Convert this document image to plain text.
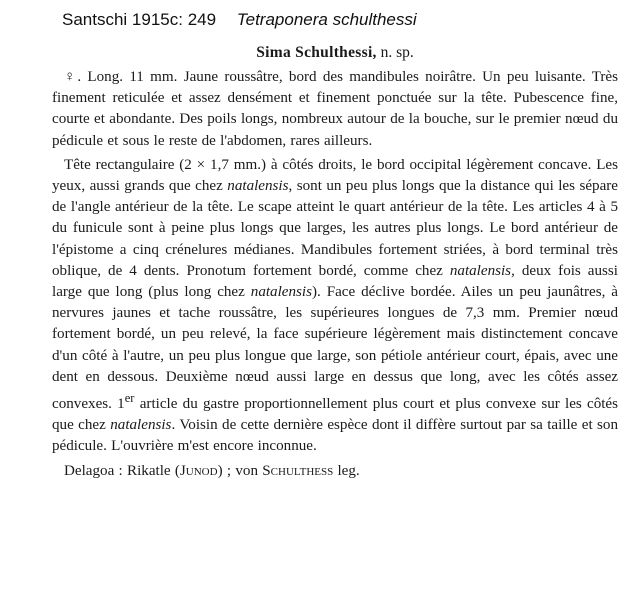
Santschi 1915c: 249 Tetraponera schulthessi

Sima Schulthessi, n. sp.

♀. Long. 11 mm. Jaune roussâtre, bord des mandibules noirâtre. Un peu luisante. Très finement reticulée et assez densément et finement ponctuée sur la tête. Pubescence fine, courte et abondante. Des poils longs, nombreux autour de la bouche, sur le premier nœud du pédicule et sous le reste de l'abdomen, rares ailleurs.

Tête rectangulaire (2 × 1,7 mm.) à côtés droits, le bord occipital légèrement concave. Les yeux, aussi grands que chez natalensis, sont un peu plus longs que la distance qui les sépare de l'angle antérieur de la tête. Le scape atteint le quart antérieur de la tête. Les articles 4 à 5 du funicule sont à peine plus longs que larges, les autres plus longs. Le bord antérieur de l'épistome a cinq crénelures médianes. Mandibules fortement striées, à bord terminal très oblique, de 4 dents. Pronotum fortement bordé, comme chez natalensis, deux fois aussi large que long (plus long chez natalensis). Face déclive bordée. Ailes un peu jaunâtres, à nervures jaunes et tache roussâtre, les supérieures longues de 7,3 mm. Premier nœud fortement bordé, un peu relevé, la face supérieure légèrement mais distinctement concave d'un côté à l'autre, un peu plus longue que large, son pétiole antérieur court, épais, avec une dent en dessous. Deuxième nœud aussi large en dessus que long, avec les côtés assez convexes. 1er article du gastre proportionnellement plus court et plus convexe sur les côtés que chez natalensis. Voisin de cette dernière espèce dont il diffère surtout par sa taille et son pédicule. L'ouvrière m'est encore inconnue.

Delagoa : Rikatle (Junod) ; von Schulthess leg.
